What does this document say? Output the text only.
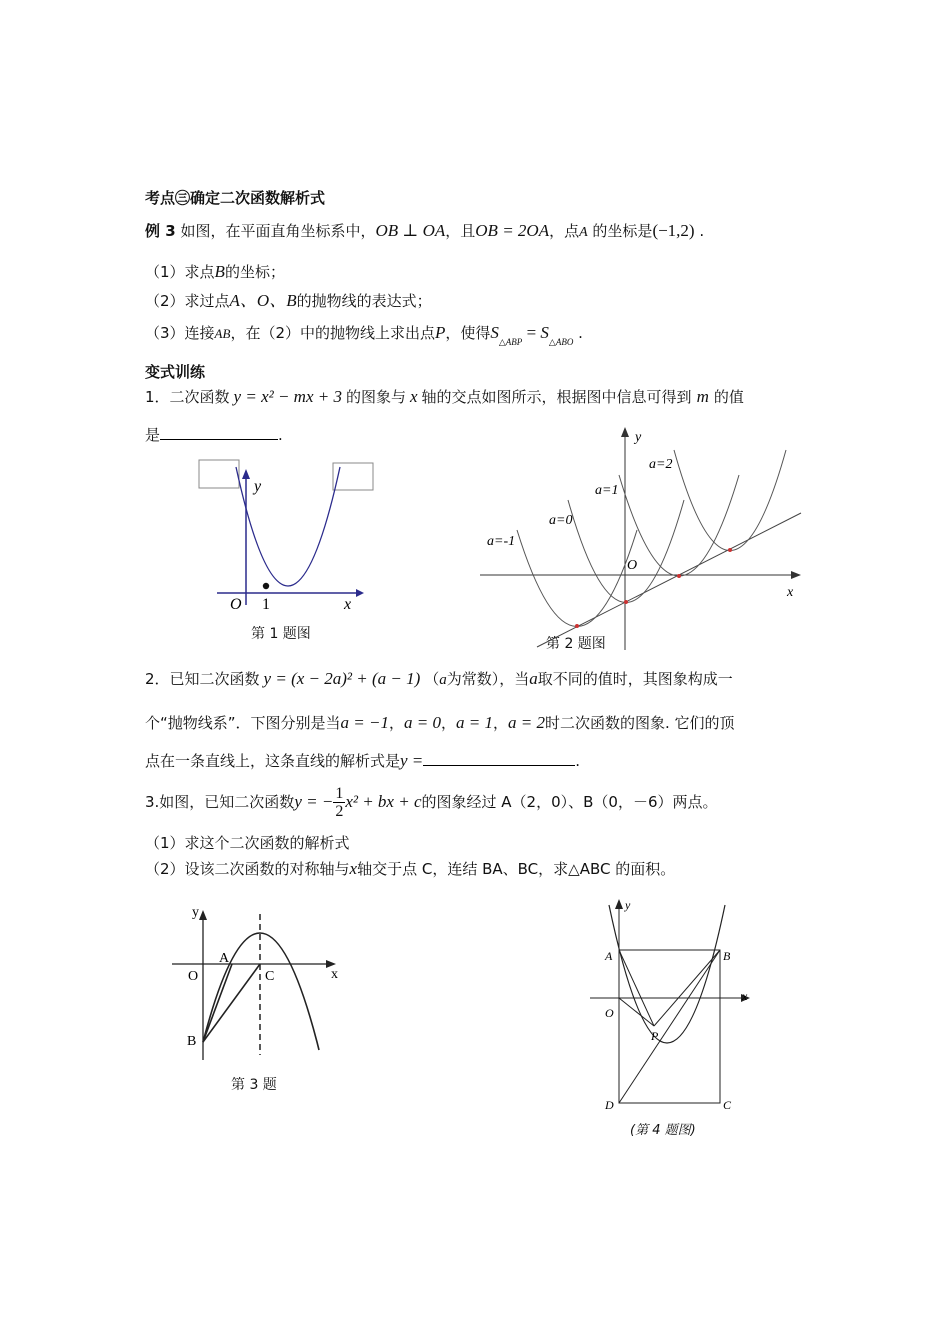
考点㊂确定二次函数解析式
例 3 如图，在平面直角坐标系中，OB ⊥ OA，且OB = 2OA，点A 的坐标是(−1,2) .
（1）求点B的坐标；
（2）求过点A、O、B的抛物线的表达式；
（3）连接AB，在（2）中的抛物线上求出点P，使得$S_{\triangle ABP} = S_{\triangle ABO}$ .
变式训练
1．二次函数 y = x² − mx + 3 的图象与 x 轴的交点如图所示，根据图中信息可得到 m 的值
是	.
y
O 1	x
第 1 题图
y
x
O
a=-1
a=0
a=1
a=2
第 2 题图
2．已知二次函数 y = (x − 2a)² + (a − 1) （a为常数），当a取不同的值时，其图象构成一
个“抛物线系”．下图分别是当a = −1，a = 0，a = 1，a = 2时二次函数的图象. 它们的顶
点在一条直线上，这条直线的解析式是y =	.
3.如图，已知二次函数y = − $\frac{1}{2} x^2$ + bx + c的图象经过 A（2，0）、B（0，－6）两点。
（1）求这个二次函数的解析式
（2）设该二次函数的对称轴与x轴交于点 C，连结 BA、BC，求△ABC 的面积。
y
x
A
O	C
B
第 3 题
y
x
A	B
O
P
D	C
(第 4 题图)
